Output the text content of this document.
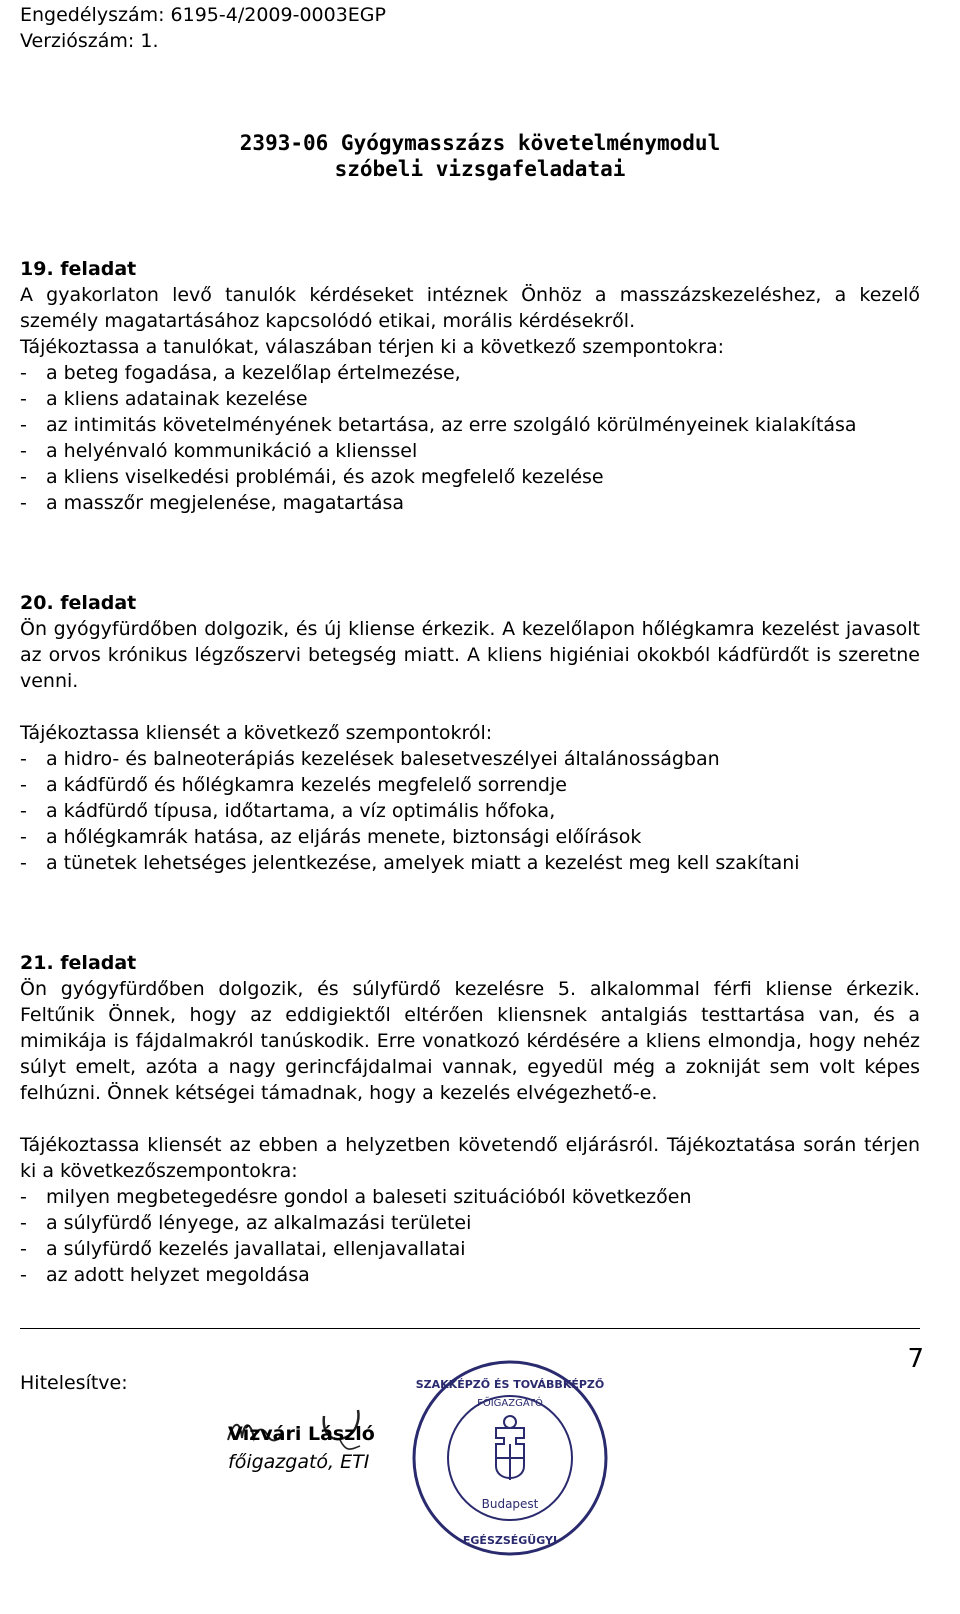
Engedélyszám: 6195-4/2009-0003EGP
Verziószám: 1.
2393-06 Gyógymasszázs követelménymodul
szóbeli vizsgafeladatai
19. feladat

A gyakorlaton levő tanulók kérdéseket intéznek Önhöz a masszázskezeléshez, a kezelő személy magatartásához kapcsolódó etikai, morális kérdésekről.

Tájékoztassa a tanulókat, válaszában térjen ki a következő szempontokra:

- a beteg fogadása, a kezelőlap értelmezése,
- a kliens adatainak kezelése
- az intimitás követelményének betartása, az erre szolgáló körülményeinek kialakítása
- a helyénvaló kommunikáció a klienssel
- a kliens viselkedési problémái, és azok megfelelő kezelése
- a masszőr megjelenése, magatartása
20. feladat

Ön gyógyfürdőben dolgozik, és új kliense érkezik. A kezelőlapon hőlégkamra kezelést javasolt az orvos krónikus légzőszervi betegség miatt. A kliens higiéniai okokból kádfürdőt is szeretne venni.

Tájékoztassa kliensét a következő szempontokról:

- a hidro- és balneoterápiás kezelések balesetveszélyei általánosságban
- a kádfürdő és hőlégkamra kezelés megfelelő sorrendje
- a kádfürdő típusa, időtartama, a víz optimális hőfoka,
- a hőlégkamrák hatása, az eljárás menete, biztonsági előírások
- a tünetek lehetséges jelentkezése, amelyek miatt a kezelést meg kell szakítani
21. feladat

Ön gyógyfürdőben dolgozik, és súlyfürdő kezelésre 5. alkalommal férfi kliense érkezik. Feltűnik Önnek, hogy az eddigiektől eltérően kliensnek antalgiás testtartása van, és a mimikája is fájdalmakról tanúskodik. Erre vonatkozó kérdésére a kliens elmondja, hogy nehéz súlyt emelt, azóta a nagy gerincfájdalmai vannak, egyedül még a zokniját sem volt képes felhúzni. Önnek kétségei támadnak, hogy a kezelés elvégezhető-e.

Tájékoztassa kliensét az ebben a helyzetben követendő eljárásról. Tájékoztatása során térjen ki a következőszempontokra:

- milyen megbetegedésre gondol a baleseti szituációból következően
- a súlyfürdő lényege, az alkalmazási területei
- a súlyfürdő kezelés javallatai, ellenjavallatai
- az adott helyzet megoldása
7
Hitelesítve:
Vízvári László
főigazgató, ETI
Budapest
SZAKKÉPZŐ ÉS TOVÁBBKÉPZŐ
FŐIGAZGATÓ
EGÉSZSÉGÜGYI
